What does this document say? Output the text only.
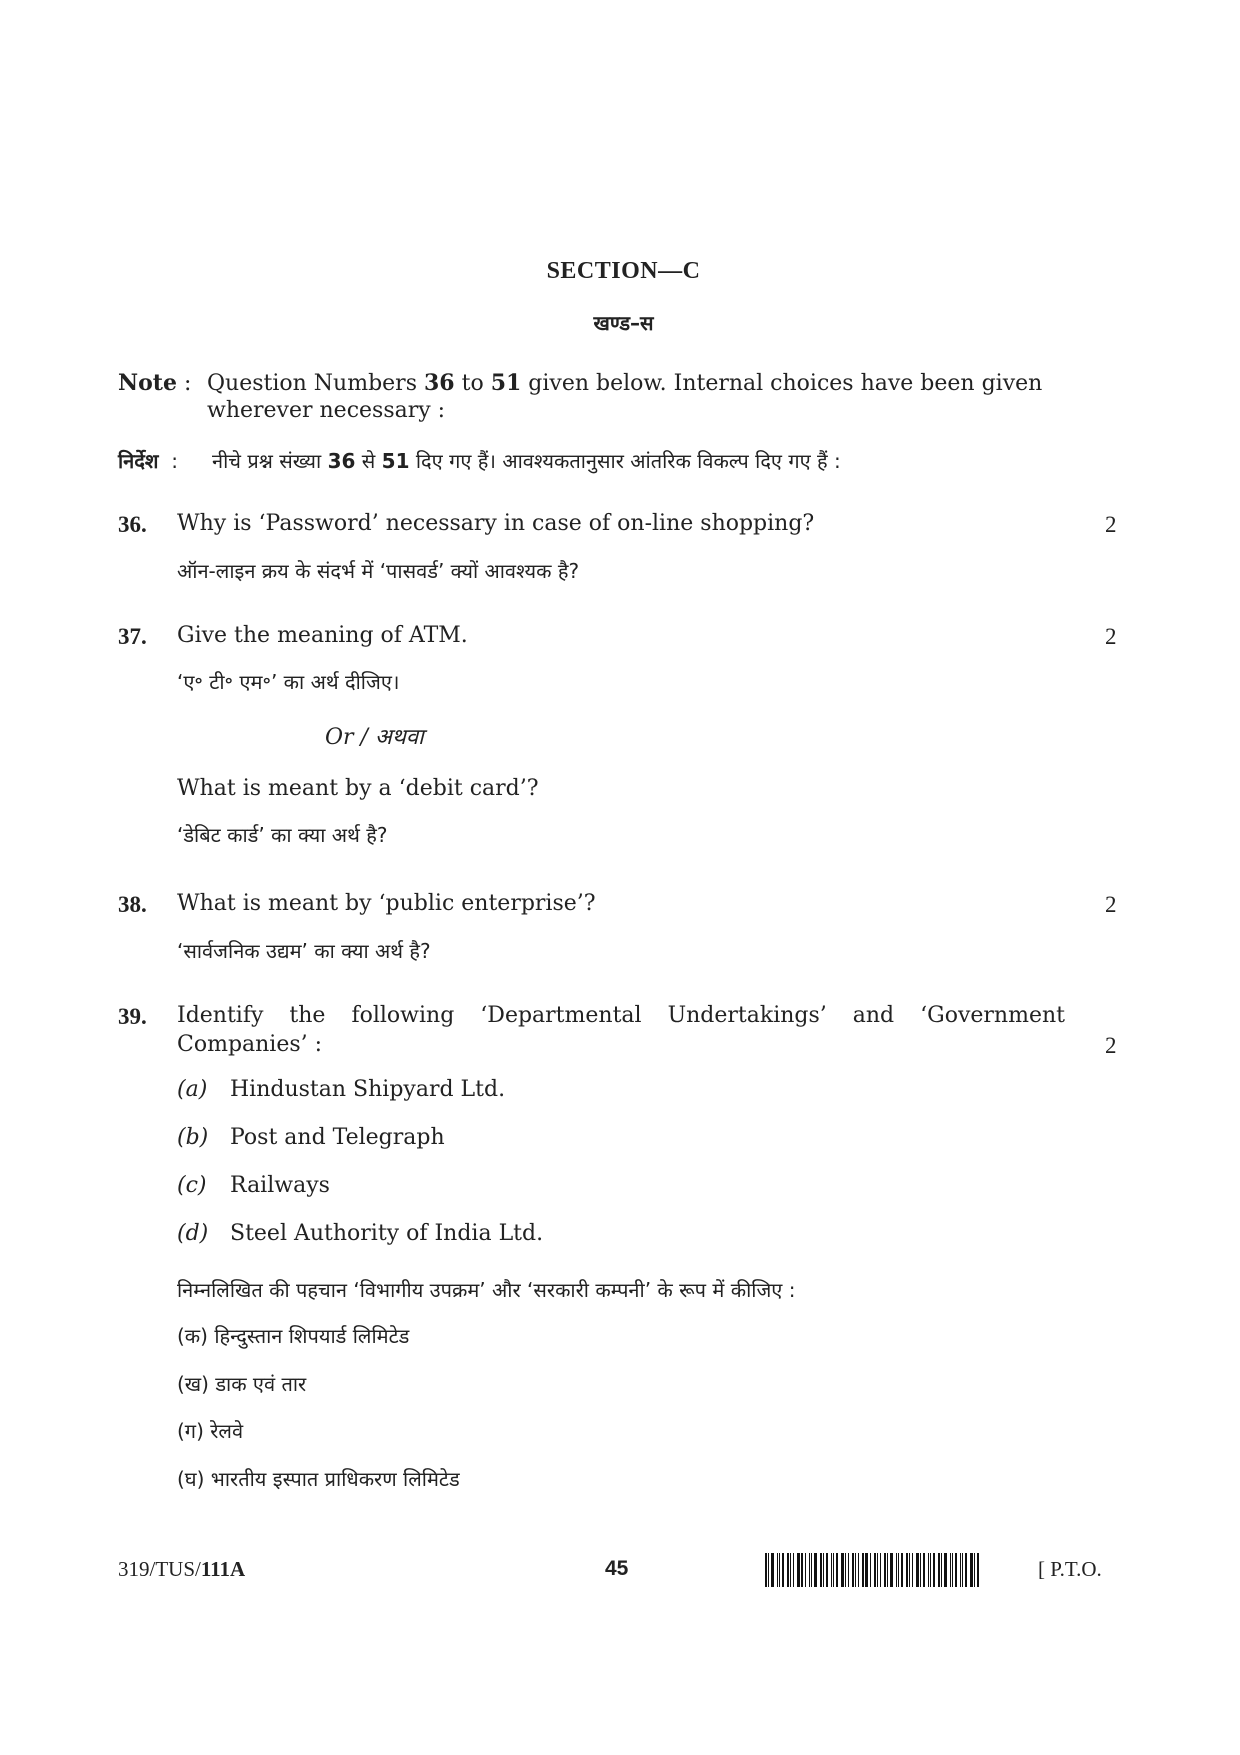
SECTION—C
खण्ड–स
Note : Question Numbers 36 to 51 given below. Internal choices have been given
wherever necessary :
निर्देश  : नीचे प्रश्न संख्या 36 से 51 दिए गए हैं। आवश्यकतानुसार आंतरिक विकल्प दिए गए हैं :
36. Why is ‘Password’ necessary in case of on-line shopping?	2
ऑन-लाइन क्रय के संदर्भ में ‘पासवर्ड’ क्यों आवश्यक है?
37. Give the meaning of ATM.	2
‘ए॰ टी॰ एम॰’ का अर्थ दीजिए।
Or / अथवा
What is meant by a ‘debit card’?
‘डेबिट कार्ड’ का क्या अर्थ है?
38. What is meant by ‘public enterprise’?	2
‘सार्वजनिक उद्यम’ का क्या अर्थ है?
39. Identify the following ‘Departmental Undertakings’ and ‘Government
Companies’ :	2
(a) Hindustan Shipyard Ltd.
(b) Post and Telegraph
(c) Railways
(d) Steel Authority of India Ltd.
निम्नलिखित की पहचान ‘विभागीय उपक्रम’ और ‘सरकारी कम्पनी’ के रूप में कीजिए :
(क) हिन्दुस्तान शिपयार्ड लिमिटेड
(ख) डाक एवं तार
(ग) रेलवे
(घ) भारतीय इस्पात प्राधिकरण लिमिटेड
319/TUS/111A	45	[ P.T.O.
